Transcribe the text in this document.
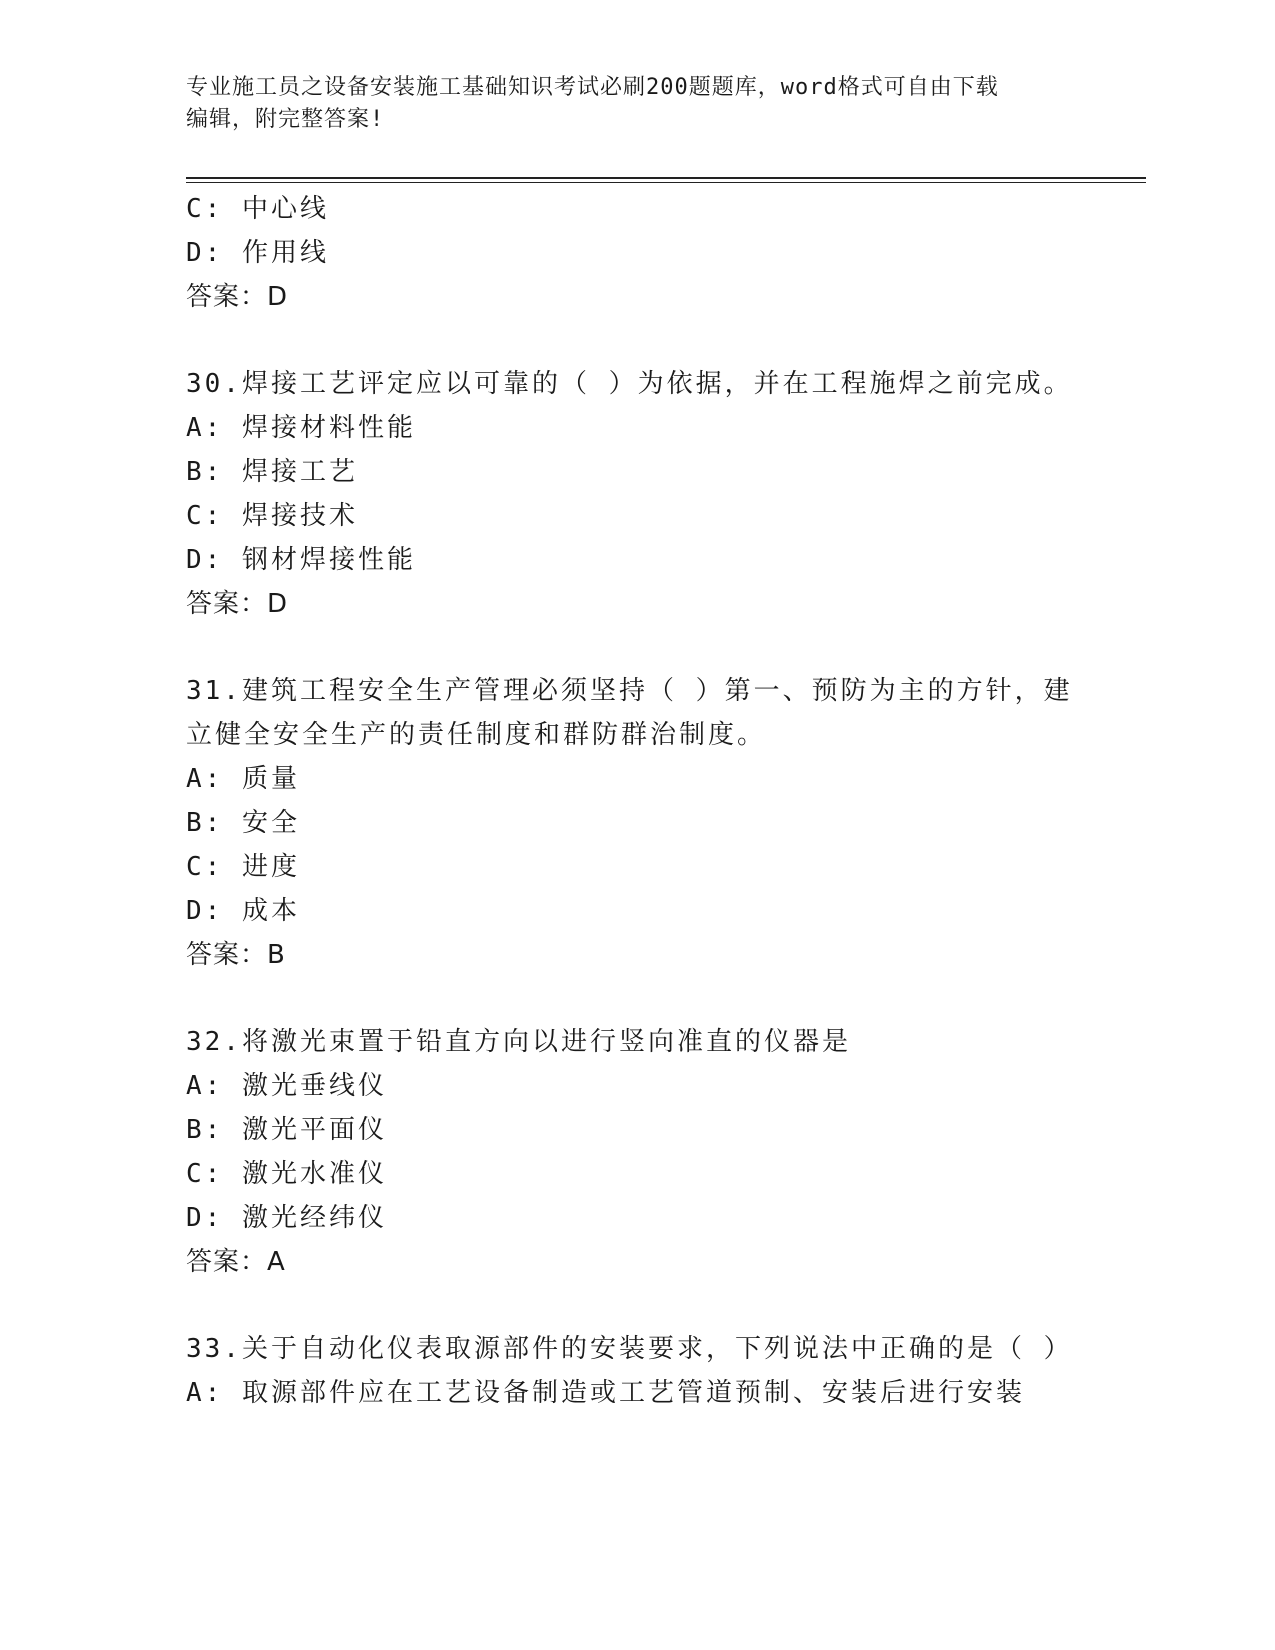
专业施工员之设备安装施工基础知识考试必刷200题题库，word格式可自由下载
编辑，附完整答案!
C: 中心线
D: 作用线
答案：D
30.焊接工艺评定应以可靠的（ ）为依据，并在工程施焊之前完成。
A: 焊接材料性能
B: 焊接工艺
C: 焊接技术
D: 钢材焊接性能
答案：D
31.建筑工程安全生产管理必须坚持（ ）第一、预防为主的方针，建
立健全安全生产的责任制度和群防群治制度。
A: 质量
B: 安全
C: 进度
D: 成本
答案：B
32.将激光束置于铅直方向以进行竖向准直的仪器是
A: 激光垂线仪
B: 激光平面仪
C: 激光水准仪
D: 激光经纬仪
答案：A
33.关于自动化仪表取源部件的安装要求，下列说法中正确的是（ ）
A: 取源部件应在工艺设备制造或工艺管道预制、安装后进行安装
